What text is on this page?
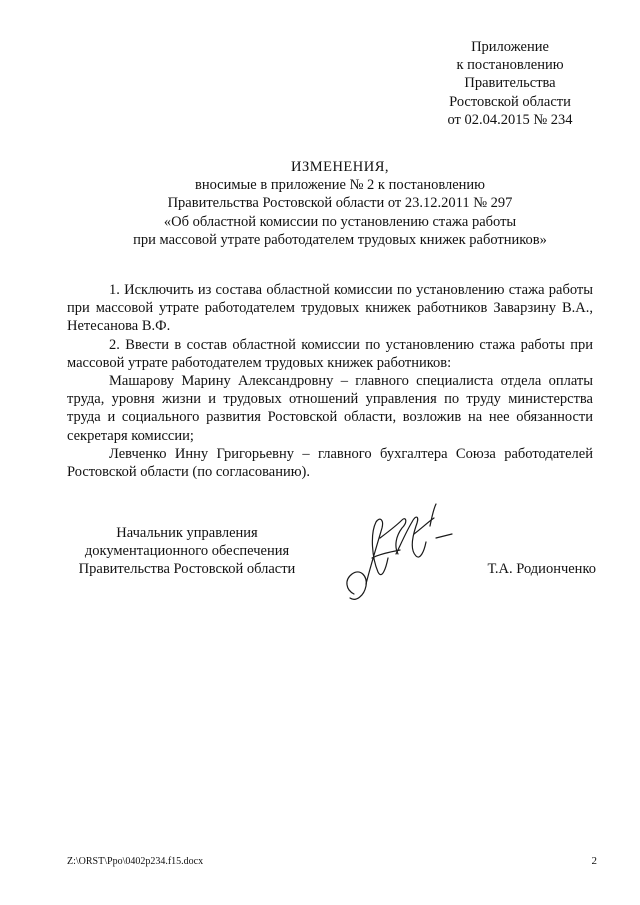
Приложение
к постановлению
Правительства
Ростовской области
от 02.04.2015 № 234
ИЗМЕНЕНИЯ,
вносимые в приложение № 2 к постановлению
Правительства Ростовской области от 23.12.2011 № 297
«Об областной комиссии по установлению стажа работы
при массовой утрате работодателем трудовых книжек работников»

1. Исключить из состава областной комиссии по установлению стажа работы при массовой утрате работодателем трудовых книжек работников Заварзину В.А., Нетесанова В.Ф.

2. Ввести в состав областной комиссии по установлению стажа работы при массовой утрате работодателем трудовых книжек работников:

Машарову Марину Александровну – главного специалиста отдела оплаты труда, уровня жизни и трудовых отношений управления по труду министерства труда и социального развития Ростовской области, возложив на нее обязанности секретаря комиссии;

Левченко Инну Григорьевну – главного бухгалтера Союза работодателей Ростовской области (по согласованию).

Начальник управления
документационного обеспечения
Правительства Ростовской области	Т.А. Родионченко
Z:\ORST\Ppo\0402p234.f15.docx	2
